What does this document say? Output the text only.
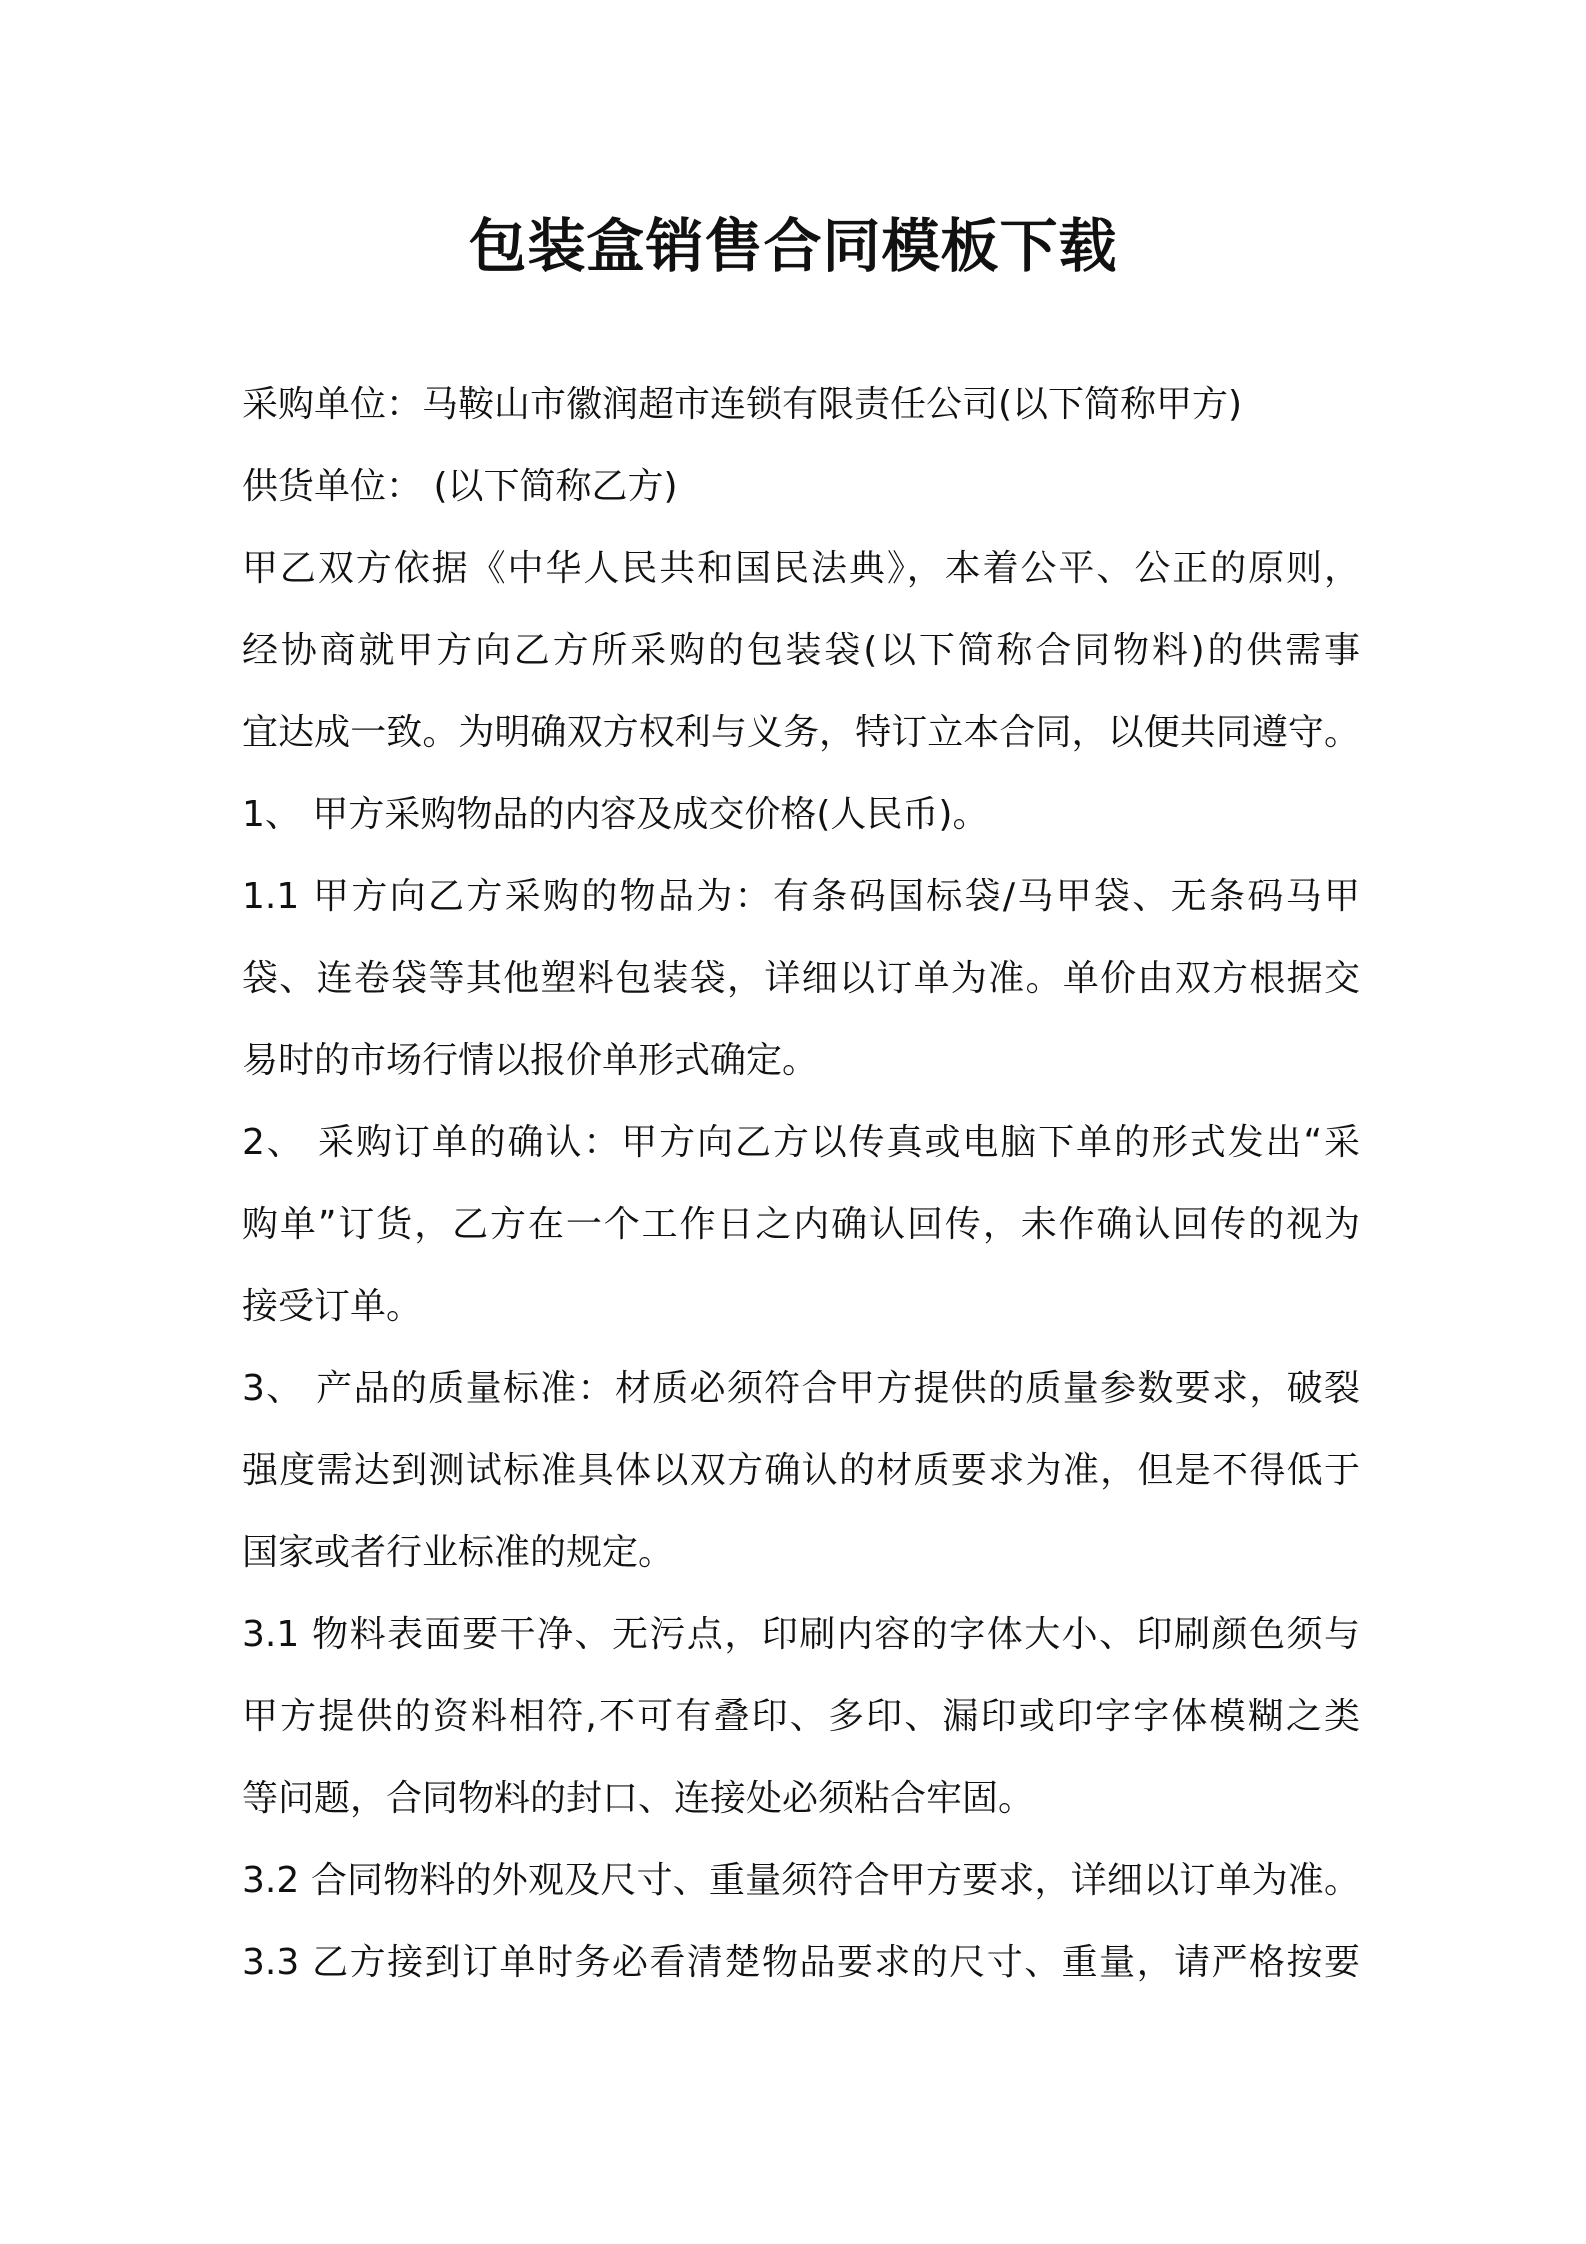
包装盒销售合同模板下载

采购单位：马鞍山市徽润超市连锁有限责任公司(以下简称甲方)

供货单位： (以下简称乙方)

甲乙双方依据《中华人民共和国民法典》，本着公平、公正的原则，

经协商就甲方向乙方所采购的包装袋(以下简称合同物料)的供需事

宜达成一致。为明确双方权利与义务，特订立本合同，以便共同遵守。

1、 甲方采购物品的内容及成交价格(人民币)。

1.1 甲方向乙方采购的物品为：有条码国标袋/马甲袋、无条码马甲

袋、连卷袋等其他塑料包装袋，详细以订单为准。单价由双方根据交

易时的市场行情以报价单形式确定。

2、 采购订单的确认：甲方向乙方以传真或电脑下单的形式发出“采

购单”订货，乙方在一个工作日之内确认回传，未作确认回传的视为

接受订单。

3、 产品的质量标准：材质必须符合甲方提供的质量参数要求，破裂

强度需达到测试标准具体以双方确认的材质要求为准，但是不得低于

国家或者行业标准的规定。

3.1 物料表面要干净、无污点，印刷内容的字体大小、印刷颜色须与

甲方提供的资料相符,不可有叠印、多印、漏印或印字字体模糊之类

等问题，合同物料的封口、连接处必须粘合牢固。

3.2 合同物料的外观及尺寸、重量须符合甲方要求，详细以订单为准。

3.3 乙方接到订单时务必看清楚物品要求的尺寸、重量，请严格按要
